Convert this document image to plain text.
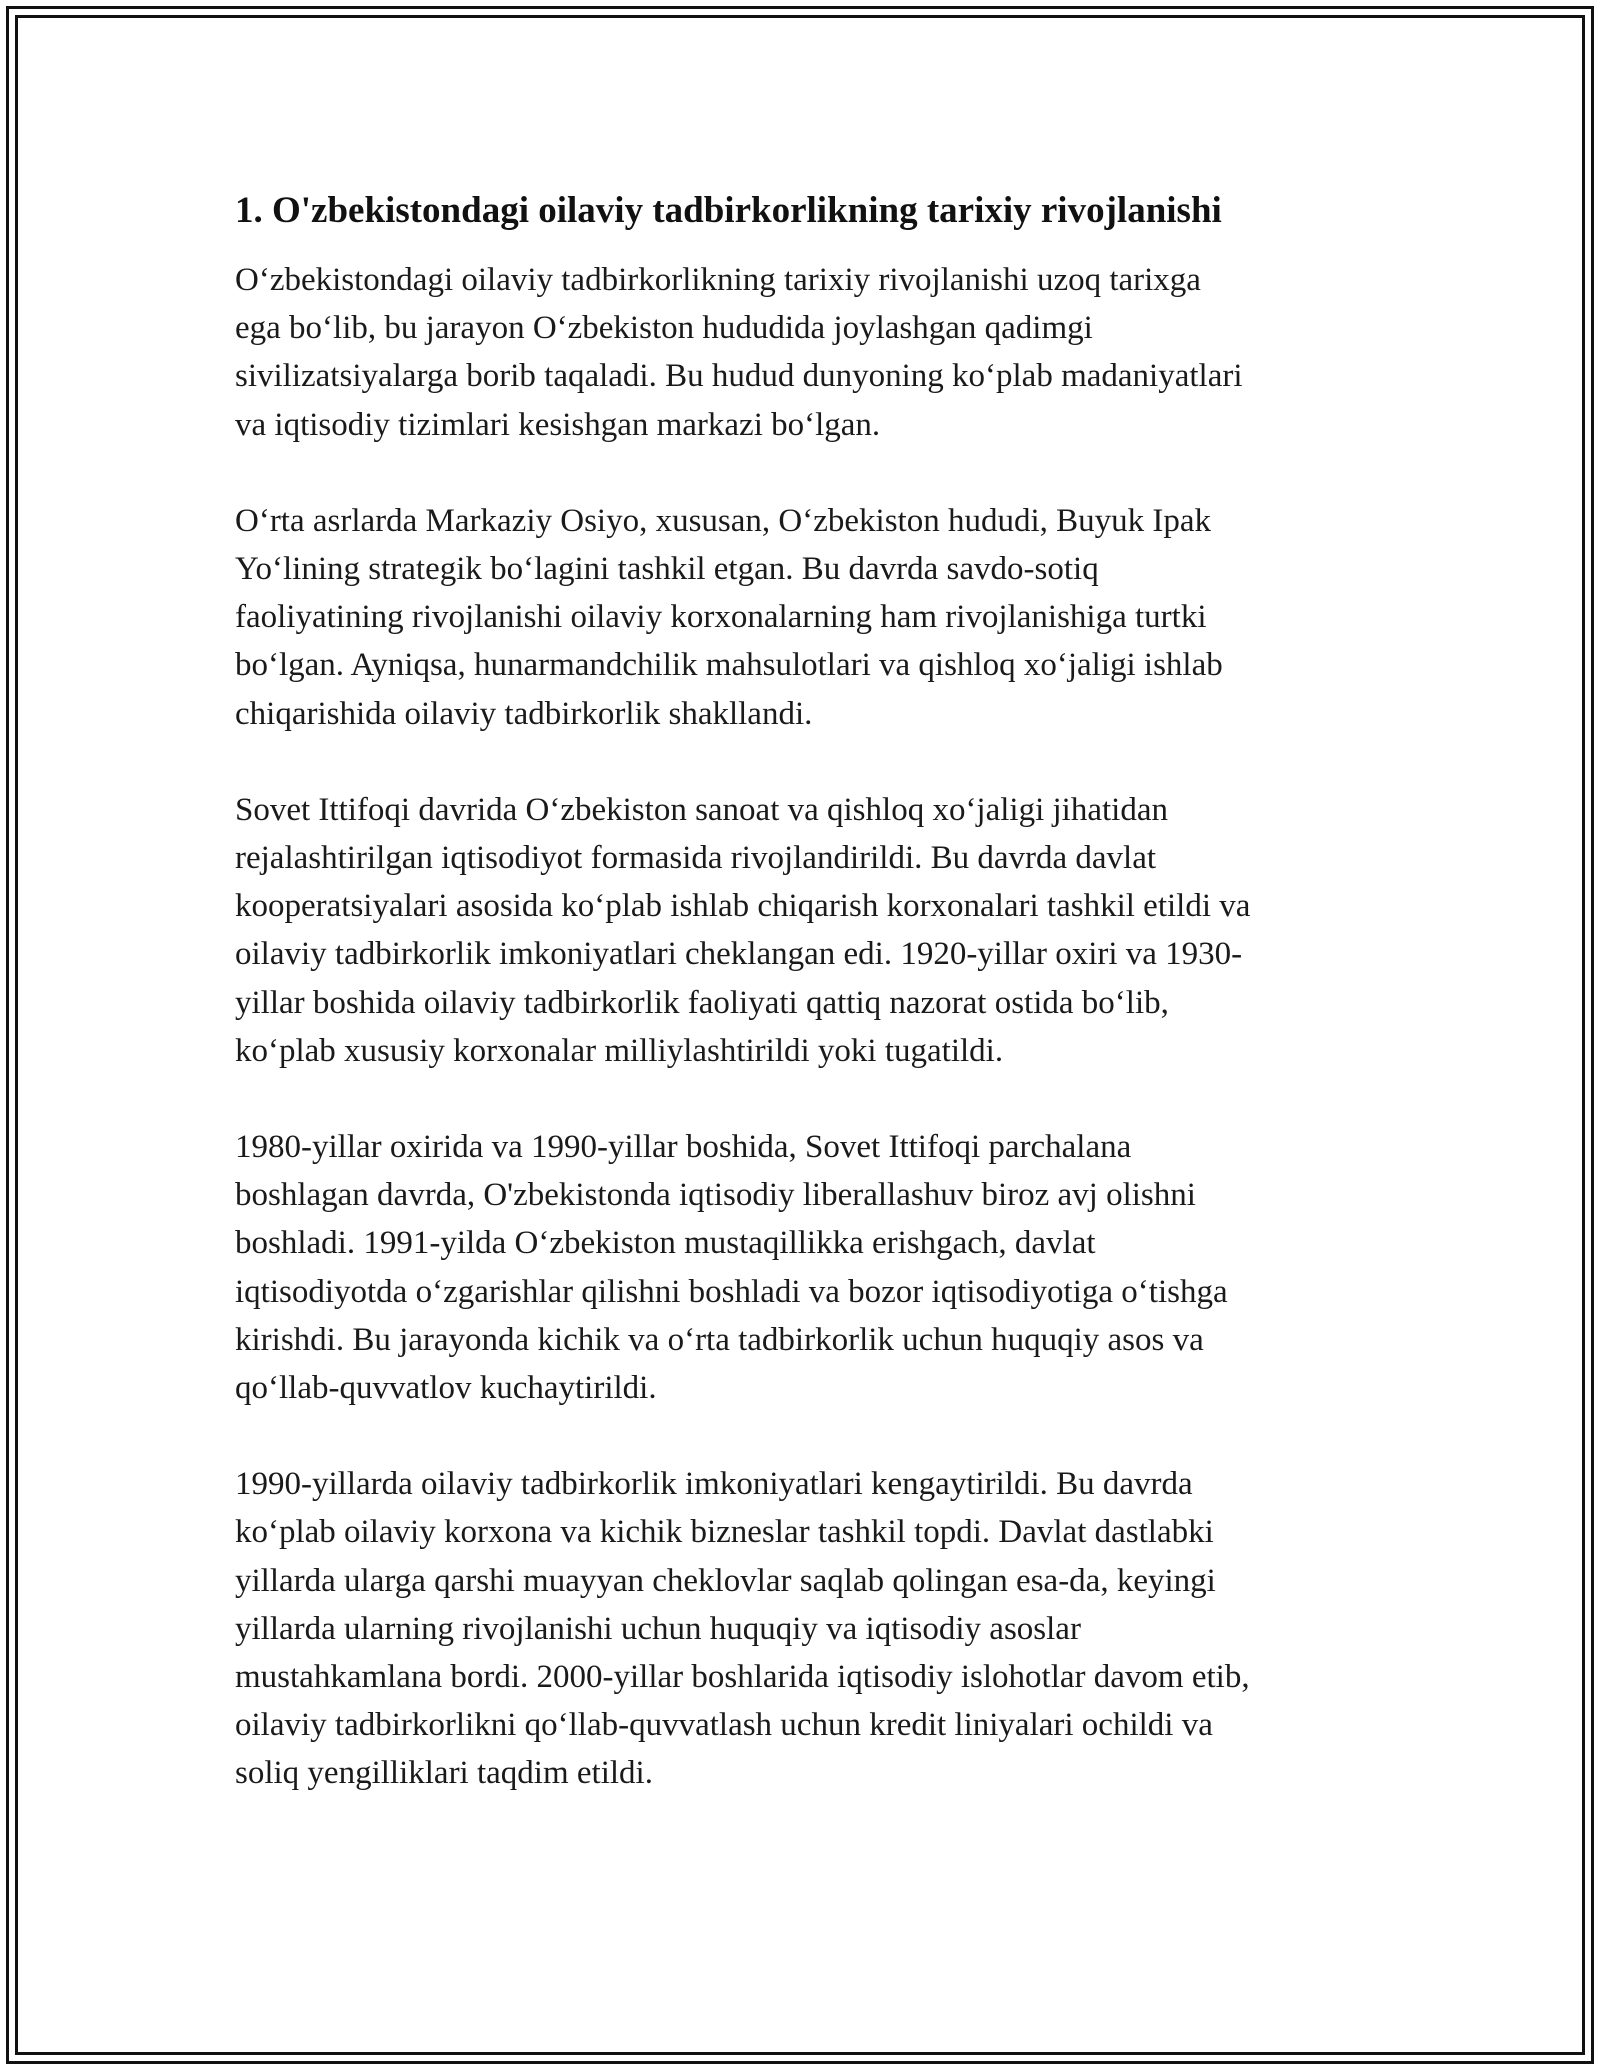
1. O'zbekistondagi oilaviy tadbirkorlikning tarixiy rivojlanishi

O‘zbekistondagi oilaviy tadbirkorlikning tarixiy rivojlanishi uzoq tarixga
ega bo‘lib, bu jarayon O‘zbekiston hududida joylashgan qadimgi
sivilizatsiyalarga borib taqaladi. Bu hudud dunyoning ko‘plab madaniyatlari
va iqtisodiy tizimlari kesishgan markazi bo‘lgan.

O‘rta asrlarda Markaziy Osiyo, xususan, O‘zbekiston hududi, Buyuk Ipak
Yo‘lining strategik bo‘lagini tashkil etgan. Bu davrda savdo-sotiq
faoliyatining rivojlanishi oilaviy korxonalarning ham rivojlanishiga turtki
bo‘lgan. Ayniqsa, hunarmandchilik mahsulotlari va qishloq xo‘jaligi ishlab
chiqarishida oilaviy tadbirkorlik shakllandi.

Sovet Ittifoqi davrida O‘zbekiston sanoat va qishloq xo‘jaligi jihatidan
rejalashtirilgan iqtisodiyot formasida rivojlandirildi. Bu davrda davlat
kooperatsiyalari asosida ko‘plab ishlab chiqarish korxonalari tashkil etildi va
oilaviy tadbirkorlik imkoniyatlari cheklangan edi. 1920-yillar oxiri va 1930-
yillar boshida oilaviy tadbirkorlik faoliyati qattiq nazorat ostida bo‘lib,
ko‘plab xususiy korxonalar milliylashtirildi yoki tugatildi.

1980-yillar oxirida va 1990-yillar boshida, Sovet Ittifoqi parchalana
boshlagan davrda, O'zbekistonda iqtisodiy liberallashuv biroz avj olishni
boshladi. 1991-yilda O‘zbekiston mustaqillikka erishgach, davlat
iqtisodiyotda o‘zgarishlar qilishni boshladi va bozor iqtisodiyotiga o‘tishga
kirishdi. Bu jarayonda kichik va o‘rta tadbirkorlik uchun huquqiy asos va
qo‘llab-quvvatlov kuchaytirildi.

1990-yillarda oilaviy tadbirkorlik imkoniyatlari kengaytirildi. Bu davrda
ko‘plab oilaviy korxona va kichik bizneslar tashkil topdi. Davlat dastlabki
yillarda ularga qarshi muayyan cheklovlar saqlab qolingan esa-da, keyingi
yillarda ularning rivojlanishi uchun huquqiy va iqtisodiy asoslar
mustahkamlana bordi. 2000-yillar boshlarida iqtisodiy islohotlar davom etib,
oilaviy tadbirkorlikni qo‘llab-quvvatlash uchun kredit liniyalari ochildi va
soliq yengilliklari taqdim etildi.
